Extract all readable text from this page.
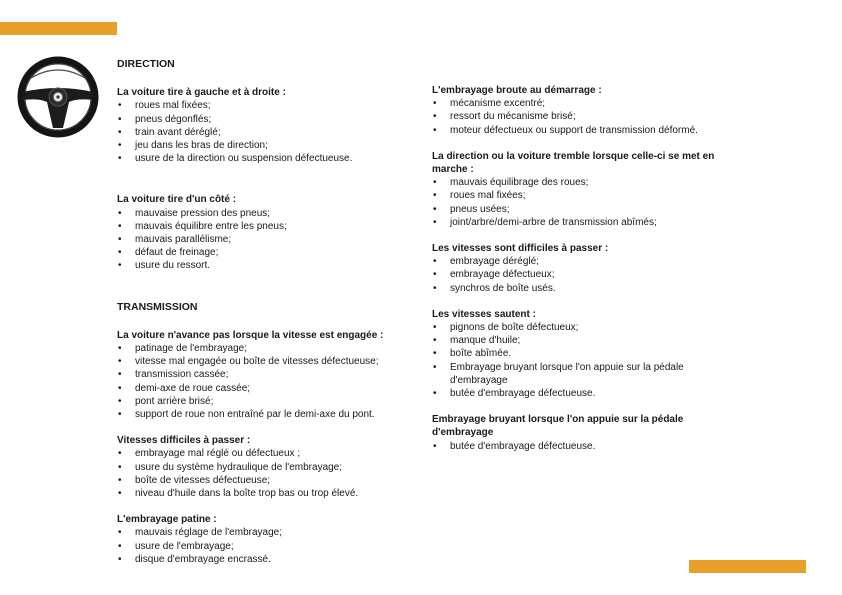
DIRECTION
La voiture tire à gauche et à droite :
• roues mal fixées;
• pneus dégonflés;
• train avant déréglé;
• jeu dans les bras de direction;
• usure de la direction ou suspension défectueuse.
La voiture tire d'un côté :
• mauvaise pression des pneus;
• mauvais équilibre entre les pneus;
• mauvais parallélisme;
• défaut de freinage;
• usure du ressort.
TRANSMISSION
La voiture n'avance pas lorsque la vitesse est engagée :
• patinage de l'embrayage;
• vitesse mal engagée ou boîte de vitesses défectueuse;
• transmission cassée;
• demi-axe de roue cassée;
• pont arrière brisé;
• support de roue non entraîné par le demi-axe du pont.
Vitesses difficiles à passer :
• embrayage mal réglé ou défectueux ;
• usure du système hydraulique de l'embrayage;
• boîte de vitesses défectueuse;
• niveau d'huile dans la boîte trop bas ou trop élevé.
L'embrayage patine :
• mauvais réglage de l'embrayage;
• usure de l'embrayage;
• disque d'embrayage encrassé.
L'embrayage broute au démarrage :
• mécanisme excentré;
• ressort du mécanisme brisé;
• moteur défectueux ou support de transmission déformé.
La direction ou la voiture tremble lorsque celle-ci se met en marche :
• mauvais équilibrage des roues;
• roues mal fixées;
• pneus usées;
• joint/arbre/demi-arbre de transmission abîmés;
Les vitesses sont difficiles à passer :
• embrayage déréglé;
• embrayage défectueux;
• synchros de boîte usés.
Les vitesses sautent :
• pignons de boîte défectueux;
• manque d'huile;
• boîte abîmée.
• Embrayage bruyant lorsque l'on appuie sur la pédale d'embrayage
• butée d'embrayage défectueuse.
Embrayage bruyant lorsque l'on appuie sur la pédale d'embrayage
• butée d'embrayage défectueuse.
